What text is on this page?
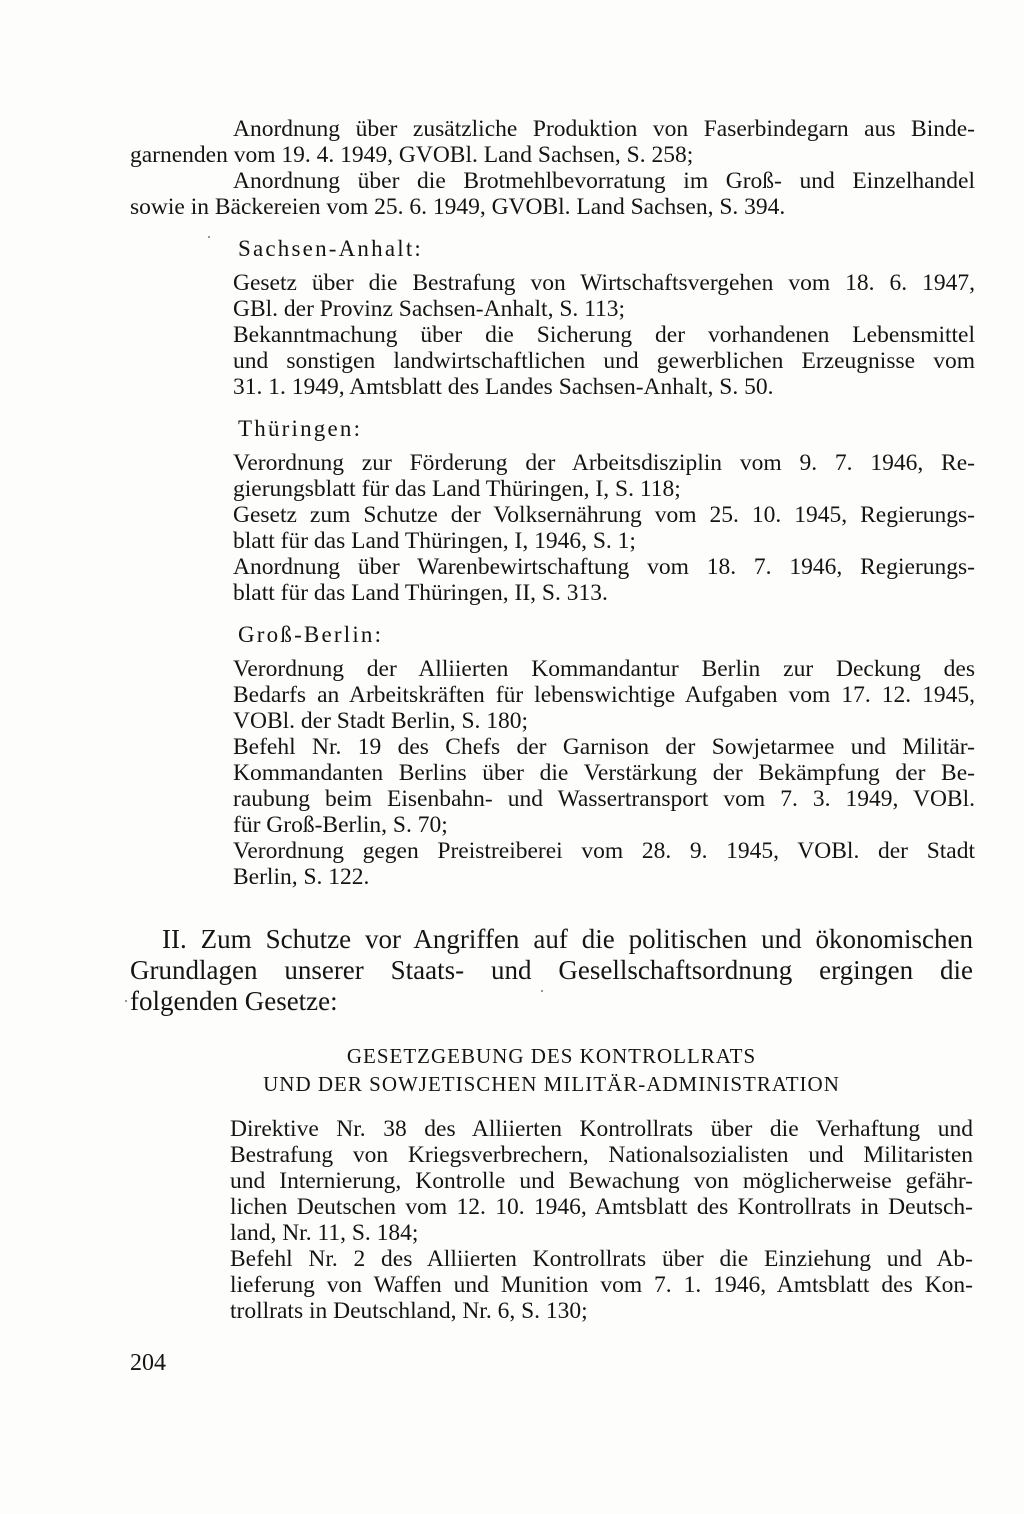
Anordnung über zusätzliche Produktion von Faserbindegarn aus Binde-
garnenden vom 19. 4. 1949, GVOBl. Land Sachsen, S. 258;
Anordnung über die Brotmehlbevorratung im Groß- und Einzelhandel
sowie in Bäckereien vom 25. 6. 1949, GVOBl. Land Sachsen, S. 394.

Sachsen-Anhalt:

Gesetz über die Bestrafung von Wirtschaftsvergehen vom 18. 6. 1947,
GBl. der Provinz Sachsen-Anhalt, S. 113;
Bekanntmachung über die Sicherung der vorhandenen Lebensmittel
und sonstigen landwirtschaftlichen und gewerblichen Erzeugnisse vom
31. 1. 1949, Amtsblatt des Landes Sachsen-Anhalt, S. 50.

Thüringen:

Verordnung zur Förderung der Arbeitsdisziplin vom 9. 7. 1946, Re-
gierungsblatt für das Land Thüringen, I, S. 118;
Gesetz zum Schutze der Volksernährung vom 25. 10. 1945, Regierungs-
blatt für das Land Thüringen, I, 1946, S. 1;
Anordnung über Warenbewirtschaftung vom 18. 7. 1946, Regierungs-
blatt für das Land Thüringen, II, S. 313.

Groß-Berlin:

Verordnung der Alliierten Kommandantur Berlin zur Deckung des
Bedarfs an Arbeitskräften für lebenswichtige Aufgaben vom 17. 12. 1945,
VOBl. der Stadt Berlin, S. 180;
Befehl Nr. 19 des Chefs der Garnison der Sowjetarmee und Militär-
Kommandanten Berlins über die Verstärkung der Bekämpfung der Be-
raubung beim Eisenbahn- und Wassertransport vom 7. 3. 1949, VOBl.
für Groß-Berlin, S. 70;
Verordnung gegen Preistreiberei vom 28. 9. 1945, VOBl. der Stadt
Berlin, S. 122.
II. Zum Schutze vor Angriffen auf die politischen und ökonomischen
Grundlagen unserer Staats- und Gesellschaftsordnung ergingen die
folgenden Gesetze:

GESETZGEBUNG DES KONTROLLRATS

UND DER SOWJETISCHEN MILITÄR-ADMINISTRATION

Direktive Nr. 38 des Alliierten Kontrollrats über die Verhaftung und
Bestrafung von Kriegsverbrechern, Nationalsozialisten und Militaristen
und Internierung, Kontrolle und Bewachung von möglicherweise gefähr-
lichen Deutschen vom 12. 10. 1946, Amtsblatt des Kontrollrats in Deutsch-
land, Nr. 11, S. 184;
Befehl Nr. 2 des Alliierten Kontrollrats über die Einziehung und Ab-
lieferung von Waffen und Munition vom 7. 1. 1946, Amtsblatt des Kon-
trollrats in Deutschland, Nr. 6, S. 130;

204
